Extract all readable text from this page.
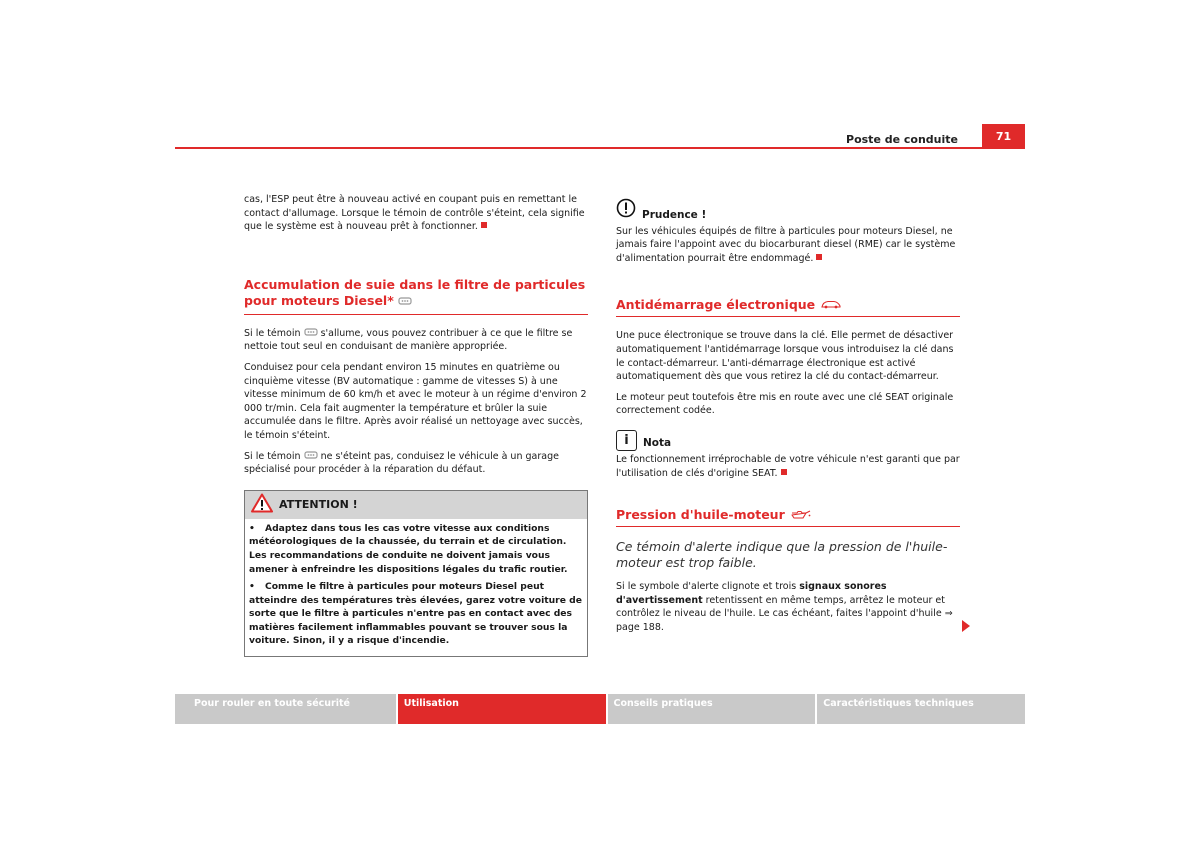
Poste de conduite	71

cas, l'ESP peut être à nouveau activé en coupant puis en remettant le contact d'allumage. Lorsque le témoin de contrôle s'éteint, cela signifie que le système est à nouveau prêt à fonctionner.

Accumulation de suie dans le filtre de particules pour moteurs Diesel*

Si le témoin s'allume, vous pouvez contribuer à ce que le filtre se nettoie tout seul en conduisant de manière appropriée.

Conduisez pour cela pendant environ 15 minutes en quatrième ou cinquième vitesse (BV automatique : gamme de vitesses S) à une vitesse minimum de 60 km/h et avec le moteur à un régime d'environ 2 000 tr/min. Cela fait augmenter la température et brûler la suie accumulée dans le filtre. Après avoir réalisé un nettoyage avec succès, le témoin s'éteint.

Si le témoin ne s'éteint pas, conduisez le véhicule à un garage spécialisé pour procéder à la réparation du défaut.

ATTENTION !
• Adaptez dans tous les cas votre vitesse aux conditions météorologiques de la chaussée, du terrain et de circulation. Les recommandations de conduite ne doivent jamais vous amener à enfreindre les dispositions légales du trafic routier.
• Comme le filtre à particules pour moteurs Diesel peut atteindre des températures très élevées, garez votre voiture de sorte que le filtre à particules n'entre pas en contact avec des matières facilement inflammables pouvant se trouver sous la voiture. Sinon, il y a risque d'incendie.
Prudence !

Sur les véhicules équipés de filtre à particules pour moteurs Diesel, ne jamais faire l'appoint avec du biocarburant diesel (RME) car le système d'alimentation pourrait être endommagé.

Antidémarrage électronique

Une puce électronique se trouve dans la clé. Elle permet de désactiver automatiquement l'antidémarrage lorsque vous introduisez la clé dans le contact-démarreur. L'anti-démarrage électronique est activé automatiquement dès que vous retirez la clé du contact-démarreur.

Le moteur peut toutefois être mis en route avec une clé SEAT originale correctement codée.

i	Nota

Le fonctionnement irréprochable de votre véhicule n'est garanti que par l'utilisation de clés d'origine SEAT.

Pression d'huile-moteur

Ce témoin d'alerte indique que la pression de l'huile-moteur est trop faible.

Si le symbole d'alerte clignote et trois signaux sonores d'avertissement retentissent en même temps, arrêtez le moteur et contrôlez le niveau de l'huile. Le cas échéant, faites l'appoint d'huile ⇒ page 188.

Pour rouler en toute sécurité	Utilisation	Conseils pratiques	Caractéristiques techniques
